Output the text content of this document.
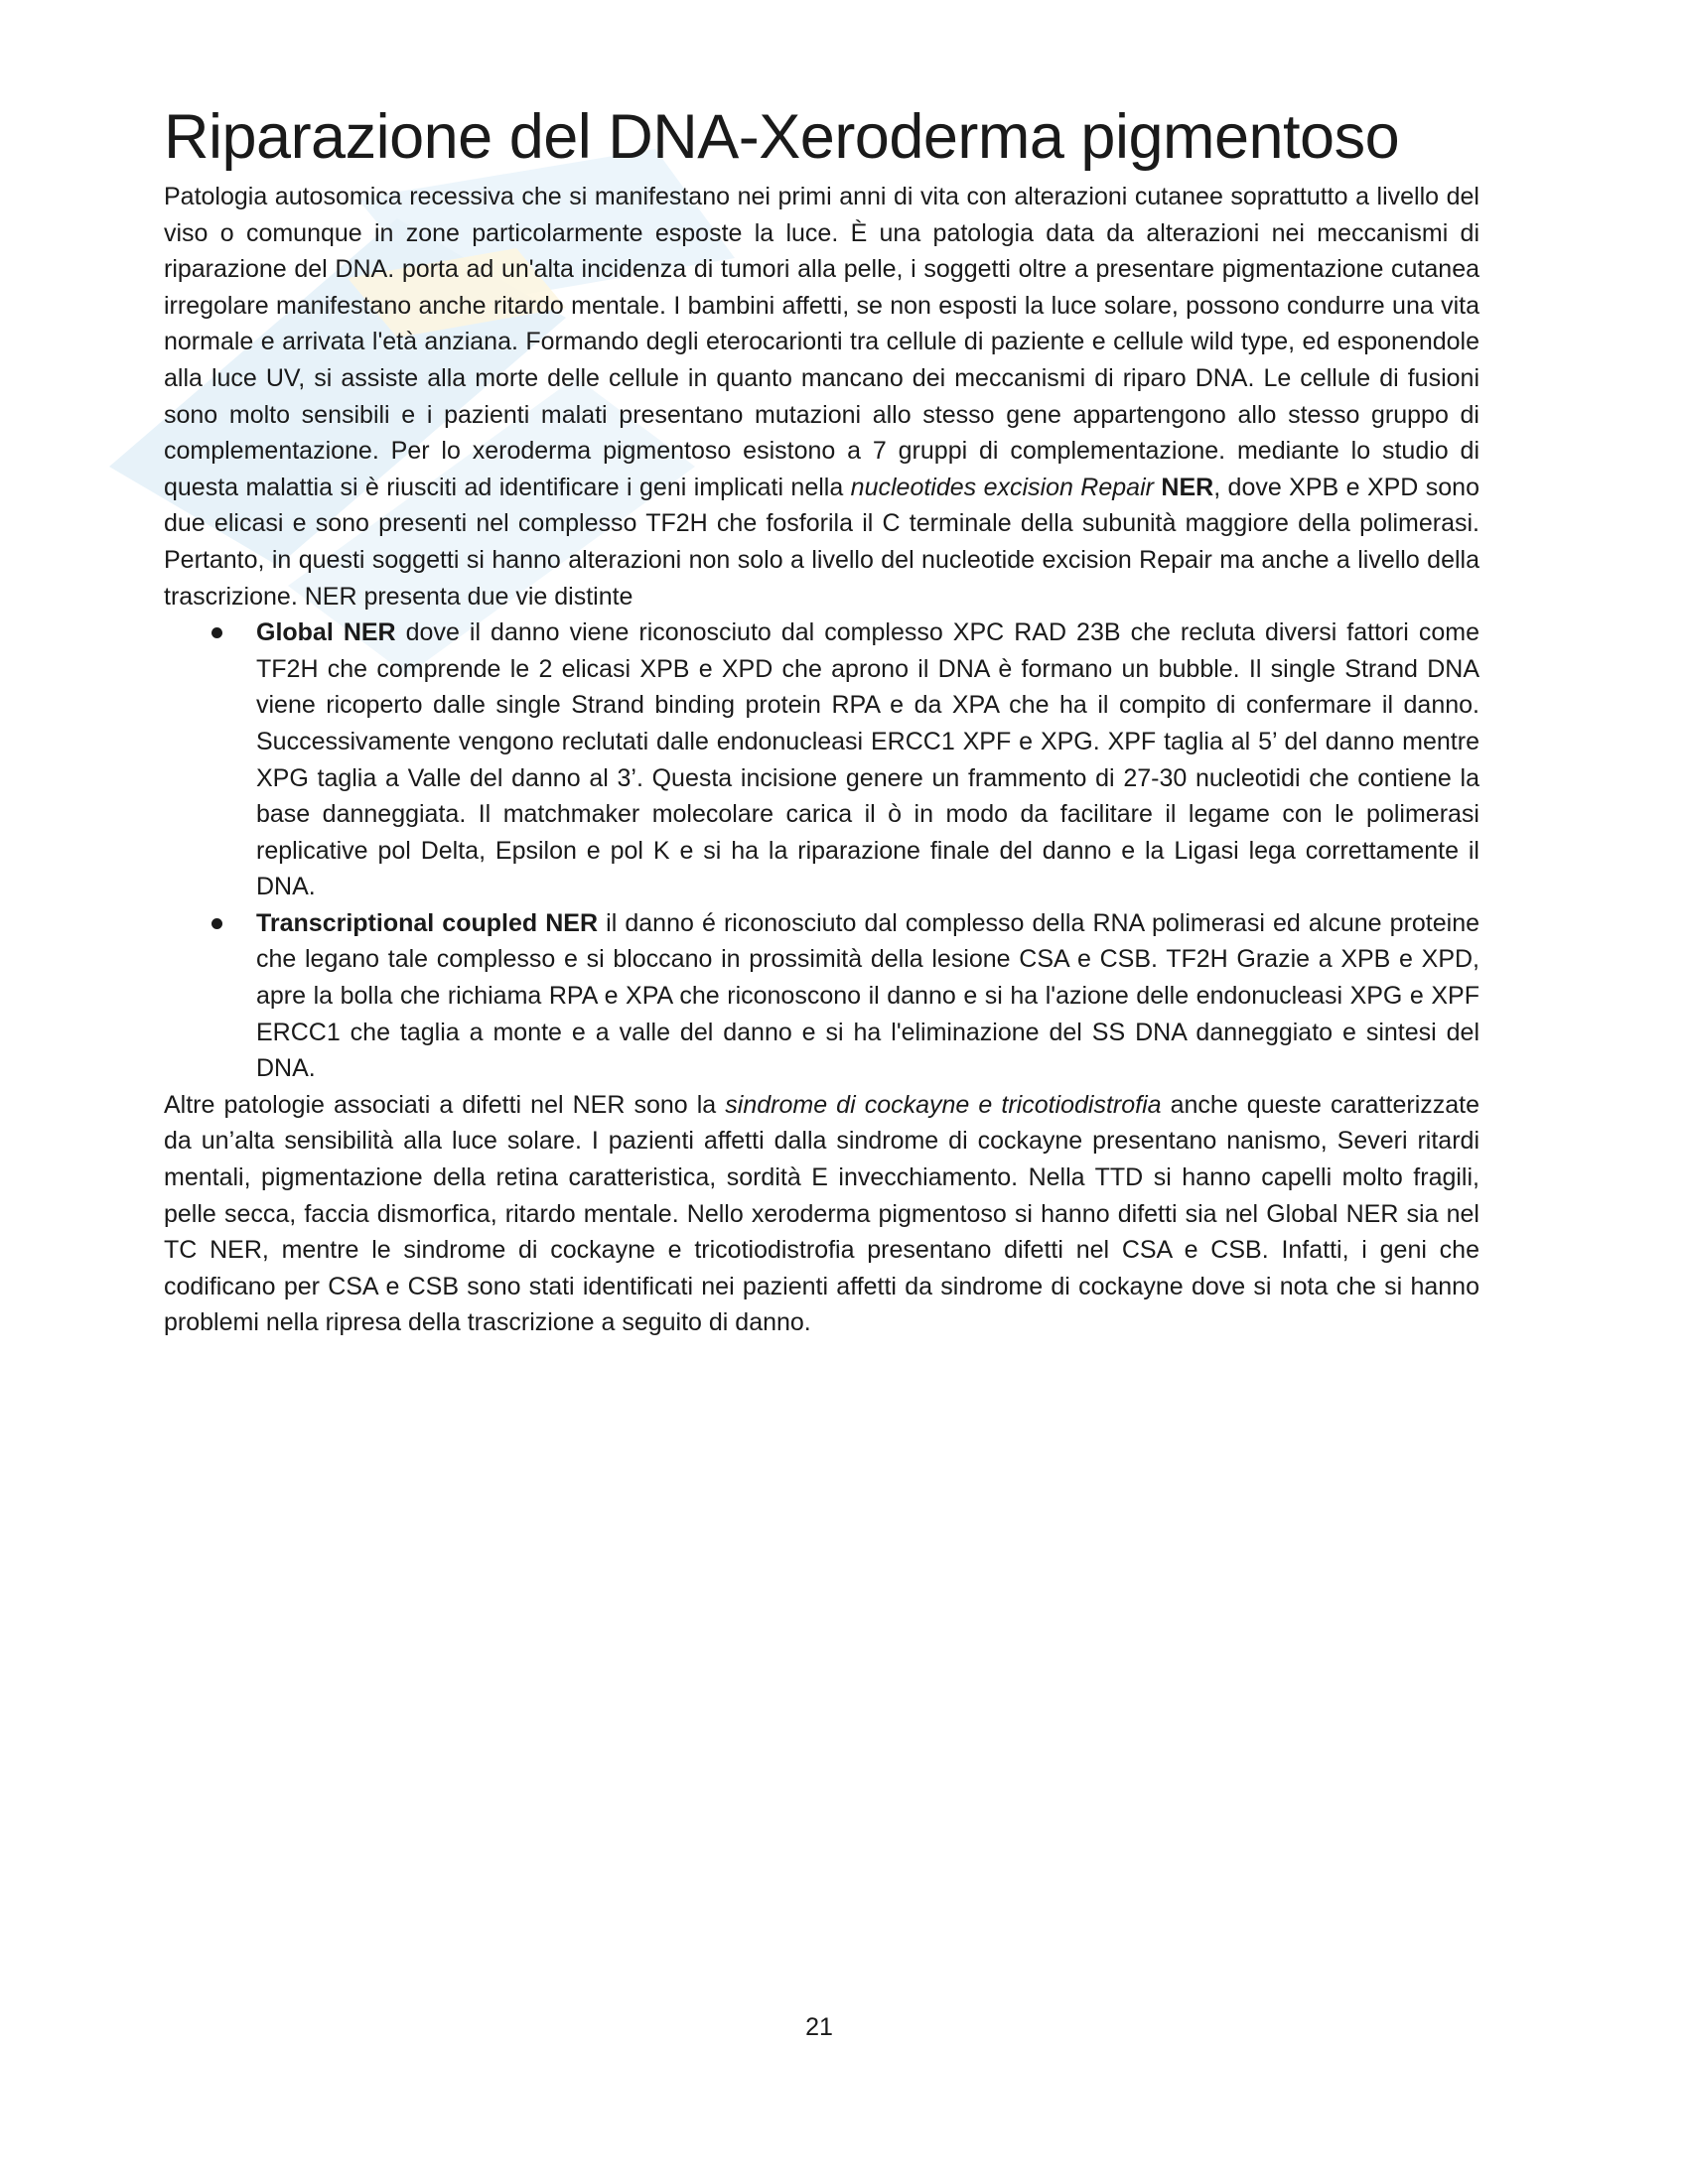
Riparazione del DNA-Xeroderma pigmentoso

Patologia autosomica recessiva che si manifestano nei primi anni di vita con alterazioni cutanee soprattutto a livello del viso o comunque in zone particolarmente esposte la luce. È una patologia data da alterazioni nei meccanismi di riparazione del DNA. porta ad un'alta incidenza di tumori alla pelle, i soggetti oltre a presentare pigmentazione cutanea irregolare manifestano anche ritardo mentale. I bambini affetti, se non esposti la luce solare, possono condurre una vita normale e arrivata l'età anziana. Formando degli eterocarionti tra cellule di paziente e cellule wild type, ed esponendole alla luce UV, si assiste alla morte delle cellule in quanto mancano dei meccanismi di riparo DNA. Le cellule di fusioni sono molto sensibili e i pazienti malati presentano mutazioni allo stesso gene appartengono allo stesso gruppo di complementazione. Per lo xeroderma pigmentoso esistono a 7 gruppi di complementazione. mediante lo studio di questa malattia si è riusciti ad identificare i geni implicati nella nucleotides excision Repair NER, dove XPB e XPD sono due elicasi e sono presenti nel complesso TF2H che fosforila il C terminale della subunità maggiore della polimerasi. Pertanto, in questi soggetti si hanno alterazioni non solo a livello del nucleotide excision Repair ma anche a livello della trascrizione. NER presenta due vie distinte

Global NER dove il danno viene riconosciuto dal complesso XPC RAD 23B che recluta diversi fattori come TF2H che comprende le 2 elicasi XPB e XPD che aprono il DNA è formano un bubble. Il single Strand DNA viene ricoperto dalle single Strand binding protein RPA e da XPA che ha il compito di confermare il danno. Successivamente vengono reclutati dalle endonucleasi ERCC1 XPF e XPG. XPF taglia al 5’ del danno mentre XPG taglia a Valle del danno al 3’. Questa incisione genere un frammento di 27-30 nucleotidi che contiene la base danneggiata. Il matchmaker molecolare carica il ò in modo da facilitare il legame con le polimerasi replicative pol Delta, Epsilon e pol K e si ha la riparazione finale del danno e la Ligasi lega correttamente il DNA.
Transcriptional coupled NER il danno é riconosciuto dal complesso della RNA polimerasi ed alcune proteine che legano tale complesso e si bloccano in prossimità della lesione CSA e CSB. TF2H Grazie a XPB e XPD, apre la bolla che richiama RPA e XPA che riconoscono il danno e si ha l'azione delle endonucleasi XPG e XPF ERCC1 che taglia a monte e a valle del danno e si ha l'eliminazione del SS DNA danneggiato e sintesi del DNA.

Altre patologie associati a difetti nel NER sono la sindrome di cockayne e tricotiodistrofia anche queste caratterizzate da un’alta sensibilità alla luce solare. I pazienti affetti dalla sindrome di cockayne presentano nanismo, Severi ritardi mentali, pigmentazione della retina caratteristica, sordità E invecchiamento. Nella TTD si hanno capelli molto fragili, pelle secca, faccia dismorfica, ritardo mentale. Nello xeroderma pigmentoso si hanno difetti sia nel Global NER sia nel TC NER, mentre le sindrome di cockayne e tricotiodistrofia presentano difetti nel CSA e CSB. Infatti, i geni che codificano per CSA e CSB sono stati identificati nei pazienti affetti da sindrome di cockayne dove si nota che si hanno problemi nella ripresa della trascrizione a seguito di danno.

21
